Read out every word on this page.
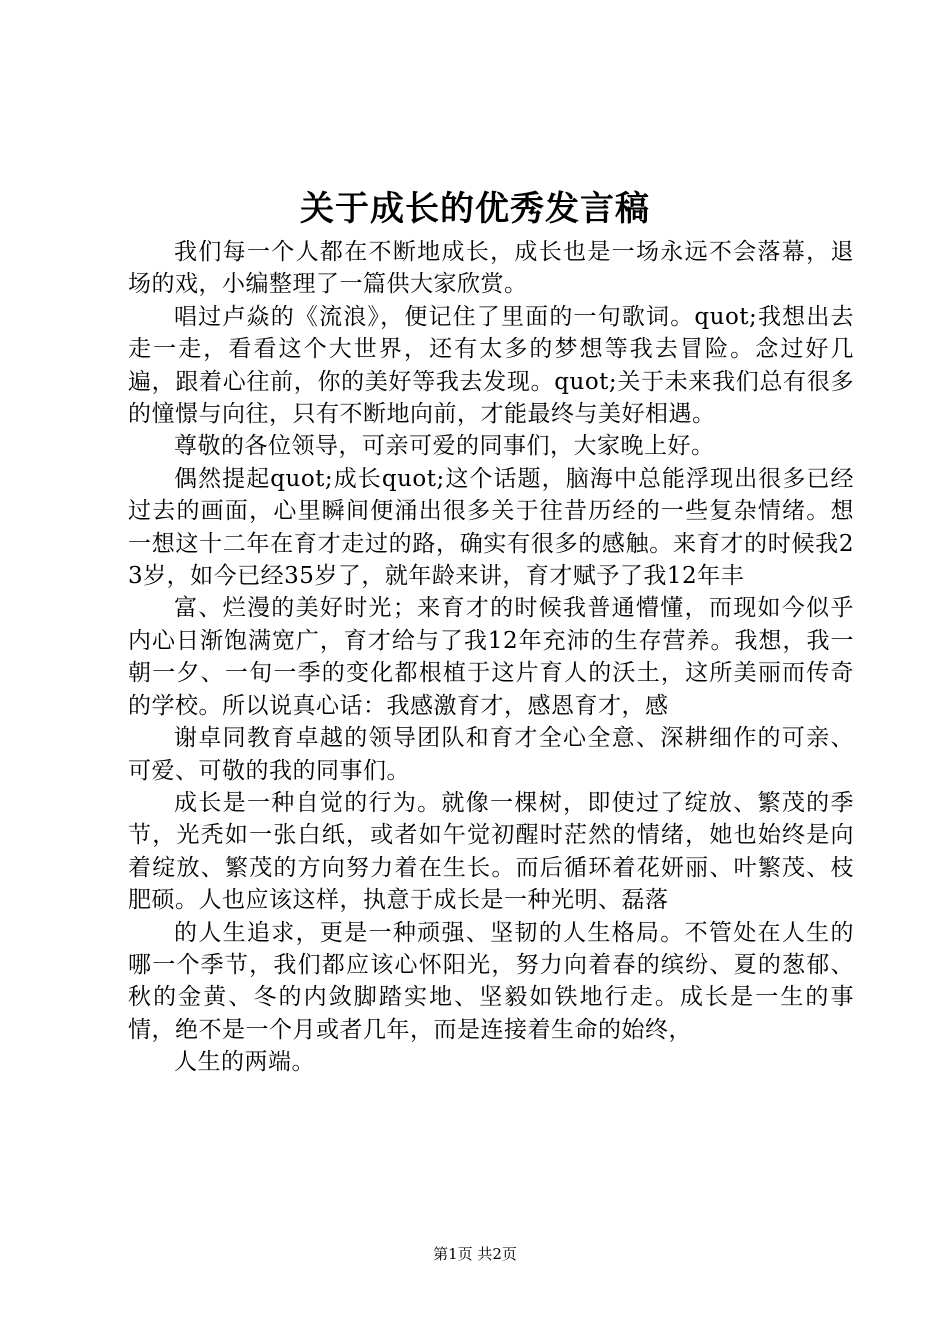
关于成长的优秀发言稿

我们每一个人都在不断地成长，成长也是一场永远不会落幕，退场的戏，小编整理了一篇供大家欣赏。

唱过卢焱的《流浪》，便记住了里面的一句歌词。quot;我想出去走一走，看看这个大世界，还有太多的梦想等我去冒险。念过好几遍，跟着心往前，你的美好等我去发现。quot;关于未来我们总有很多的憧憬与向往，只有不断地向前，才能最终与美好相遇。

尊敬的各位领导，可亲可爱的同事们，大家晚上好。

偶然提起quot;成长quot;这个话题，脑海中总能浮现出很多已经过去的画面，心里瞬间便涌出很多关于往昔历经的一些复杂情绪。想一想这十二年在育才走过的路，确实有很多的感触。来育才的时候我23岁，如今已经35岁了，就年龄来讲，育才赋予了我12年丰

富、烂漫的美好时光；来育才的时候我普通懵懂，而现如今似乎内心日渐饱满宽广，育才给与了我12年充沛的生存营养。我想，我一朝一夕、一旬一季的变化都根植于这片育人的沃土，这所美丽而传奇的学校。所以说真心话：我感激育才，感恩育才，感

谢卓同教育卓越的领导团队和育才全心全意、深耕细作的可亲、可爱、可敬的我的同事们。

成长是一种自觉的行为。就像一棵树，即使过了绽放、繁茂的季节，光秃如一张白纸，或者如午觉初醒时茫然的情绪，她也始终是向着绽放、繁茂的方向努力着在生长。而后循环着花妍丽、叶繁茂、枝肥硕。人也应该这样，执意于成长是一种光明、磊落

的人生追求，更是一种顽强、坚韧的人生格局。不管处在人生的哪一个季节，我们都应该心怀阳光，努力向着春的缤纷、夏的葱郁、秋的金黄、冬的内敛脚踏实地、坚毅如铁地行走。成长是一生的事情，绝不是一个月或者几年，而是连接着生命的始终，

人生的两端。

第1页 共2页
